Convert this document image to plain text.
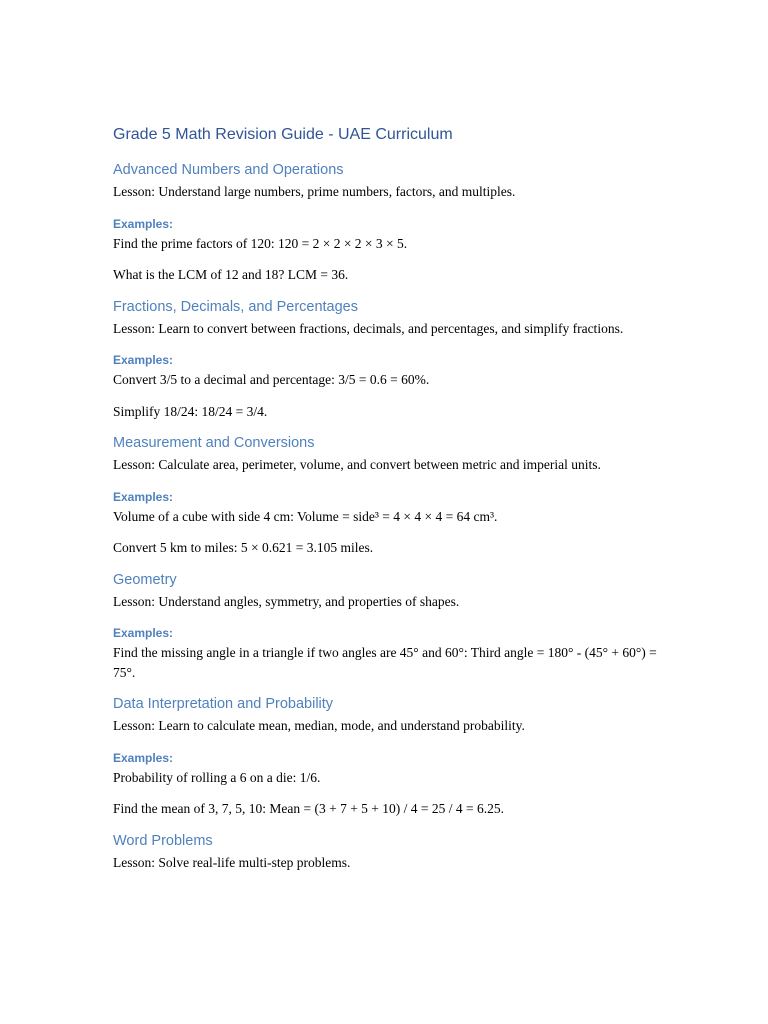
Grade 5 Math Revision Guide - UAE Curriculum
Advanced Numbers and Operations

Lesson: Understand large numbers, prime numbers, factors, and multiples.

Examples:

Find the prime factors of 120: 120 = 2 × 2 × 2 × 3 × 5.

What is the LCM of 12 and 18? LCM = 36.

Fractions, Decimals, and Percentages

Lesson: Learn to convert between fractions, decimals, and percentages, and simplify fractions.

Examples:

Convert 3/5 to a decimal and percentage: 3/5 = 0.6 = 60%.

Simplify 18/24: 18/24 = 3/4.

Measurement and Conversions

Lesson: Calculate area, perimeter, volume, and convert between metric and imperial units.

Examples:

Volume of a cube with side 4 cm: Volume = side³ = 4 × 4 × 4 = 64 cm³.

Convert 5 km to miles: 5 × 0.621 = 3.105 miles.

Geometry

Lesson: Understand angles, symmetry, and properties of shapes.

Examples:

Find the missing angle in a triangle if two angles are 45° and 60°: Third angle = 180° - (45° + 60°) = 75°.

Data Interpretation and Probability

Lesson: Learn to calculate mean, median, mode, and understand probability.

Examples:

Probability of rolling a 6 on a die: 1/6.

Find the mean of 3, 7, 5, 10: Mean = (3 + 7 + 5 + 10) / 4 = 25 / 4 = 6.25.

Word Problems

Lesson: Solve real-life multi-step problems.
